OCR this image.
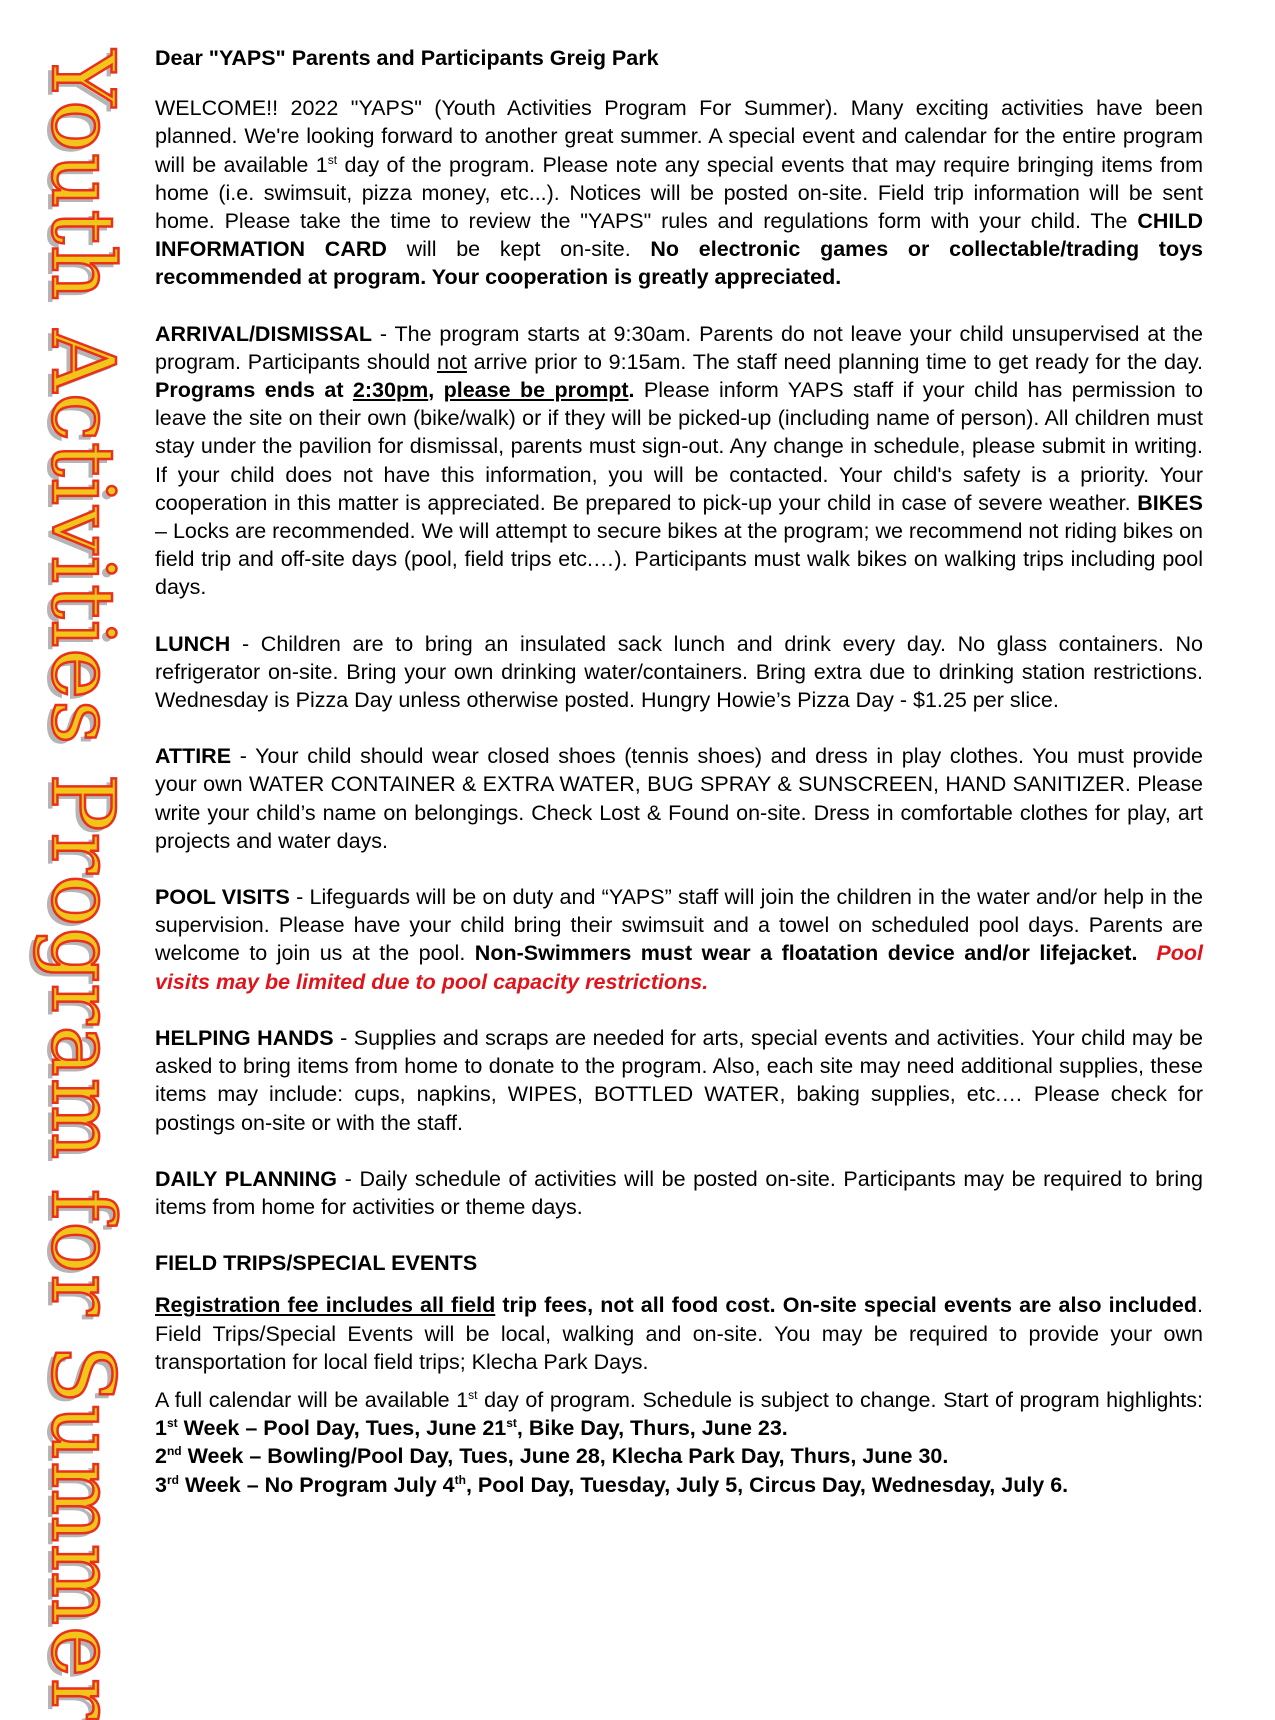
Youth Activities Program for Summer Dear "YAPS" Parents and Participants Greig Park

WELCOME!! 2022 "YAPS" (Youth Activities Program For Summer). Many exciting activities have been planned. We're looking forward to another great summer. A special event and calendar for the entire program will be available 1st day of the program. Please note any special events that may require bringing items from home (i.e. swimsuit, pizza money, etc...). Notices will be posted on-site. Field trip information will be sent home. Please take the time to review the "YAPS" rules and regulations form with your child. The CHILD INFORMATION CARD will be kept on-site. No electronic games or collectable/trading toys recommended at program. Your cooperation is greatly appreciated.

ARRIVAL/DISMISSAL - The program starts at 9:30am. Parents do not leave your child unsupervised at the program. Participants should not arrive prior to 9:15am. The staff need planning time to get ready for the day. Programs ends at 2:30pm, please be prompt. Please inform YAPS staff if your child has permission to leave the site on their own (bike/walk) or if they will be picked-up (including name of person). All children must stay under the pavilion for dismissal, parents must sign-out. Any change in schedule, please submit in writing. If your child does not have this information, you will be contacted. Your child's safety is a priority. Your cooperation in this matter is appreciated. Be prepared to pick-up your child in case of severe weather. BIKES – Locks are recommended. We will attempt to secure bikes at the program; we recommend not riding bikes on field trip and off-site days (pool, field trips etc.…). Participants must walk bikes on walking trips including pool days.

LUNCH - Children are to bring an insulated sack lunch and drink every day. No glass containers. No refrigerator on-site. Bring your own drinking water/containers. Bring extra due to drinking station restrictions. Wednesday is Pizza Day unless otherwise posted. Hungry Howie’s Pizza Day - $1.25 per slice.

ATTIRE - Your child should wear closed shoes (tennis shoes) and dress in play clothes. You must provide your own WATER CONTAINER & EXTRA WATER, BUG SPRAY & SUNSCREEN, HAND SANITIZER. Please write your child’s name on belongings. Check Lost & Found on-site. Dress in comfortable clothes for play, art projects and water days.

POOL VISITS - Lifeguards will be on duty and “YAPS” staff will join the children in the water and/or help in the supervision. Please have your child bring their swimsuit and a towel on scheduled pool days. Parents are welcome to join us at the pool. Non-Swimmers must wear a floatation device and/or lifejacket. Pool visits may be limited due to pool capacity restrictions.

HELPING HANDS - Supplies and scraps are needed for arts, special events and activities. Your child may be asked to bring items from home to donate to the program. Also, each site may need additional supplies, these items may include: cups, napkins, WIPES, BOTTLED WATER, baking supplies, etc.… Please check for postings on-site or with the staff.

DAILY PLANNING - Daily schedule of activities will be posted on-site. Participants may be required to bring items from home for activities or theme days.

FIELD TRIPS/SPECIAL EVENTS

Registration fee includes all field trip fees, not all food cost. On-site special events are also included. Field Trips/Special Events will be local, walking and on-site. You may be required to provide your own transportation for local field trips; Klecha Park Days.

A full calendar will be available 1st day of program. Schedule is subject to change. Start of program highlights: 1st Week – Pool Day, Tues, June 21st, Bike Day, Thurs, June 23.
2nd Week – Bowling/Pool Day, Tues, June 28, Klecha Park Day, Thurs, June 30.
3rd Week – No Program July 4th, Pool Day, Tuesday, July 5, Circus Day, Wednesday, July 6.
